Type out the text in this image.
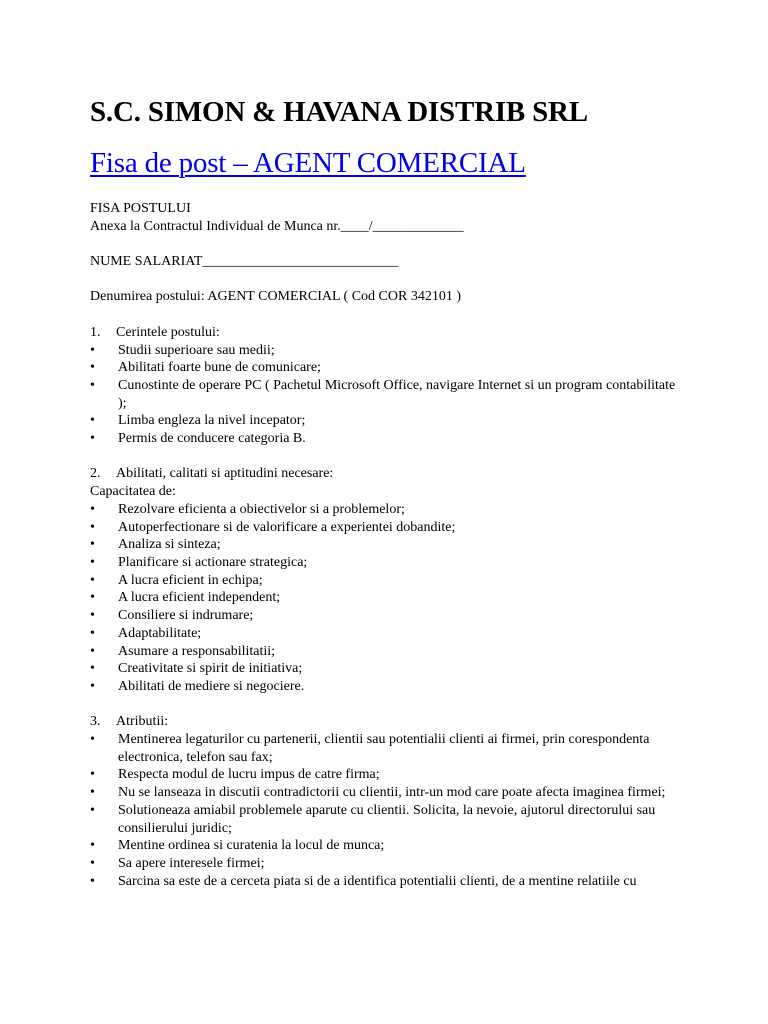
S.C. SIMON & HAVANA DISTRIB SRL
Fisa de post – AGENT COMERCIAL
FISA POSTULUI
Anexa la Contractul Individual de Munca nr.____/_____________
NUME SALARIAT____________________________
Denumirea postului: AGENT COMERCIAL ( Cod COR 342101 )
1. Cerintele postului:
• Studii superioare sau medii;
• Abilitati foarte bune de comunicare;
• Cunostinte de operare PC ( Pachetul Microsoft Office, navigare Internet si un program contabilitate );
• Limba engleza la nivel incepator;
• Permis de conducere categoria B.
2. Abilitati, calitati si aptitudini necesare:
Capacitatea de:
• Rezolvare eficienta a obiectivelor si a problemelor;
• Autoperfectionare si de valorificare a experientei dobandite;
• Analiza si sinteza;
• Planificare si actionare strategica;
• A lucra eficient in echipa;
• A lucra eficient independent;
• Consiliere si indrumare;
• Adaptabilitate;
• Asumare a responsabilitatii;
• Creativitate si spirit de initiativa;
• Abilitati de mediere si negociere.
3. Atributii:
• Mentinerea legaturilor cu partenerii, clientii sau potentialii clienti ai firmei, prin corespondenta electronica, telefon sau fax;
• Respecta modul de lucru impus de catre firma;
• Nu se lanseaza in discutii contradictorii cu clientii, intr-un mod care poate afecta imaginea firmei;
• Solutioneaza amiabil problemele aparute cu clientii. Solicita, la nevoie, ajutorul directorului sau consilierului juridic;
• Mentine ordinea si curatenia la locul de munca;
• Sa apere interesele firmei;
• Sarcina sa este de a cerceta piata si de a identifica potentialii clienti, de a mentine relatiile cu
